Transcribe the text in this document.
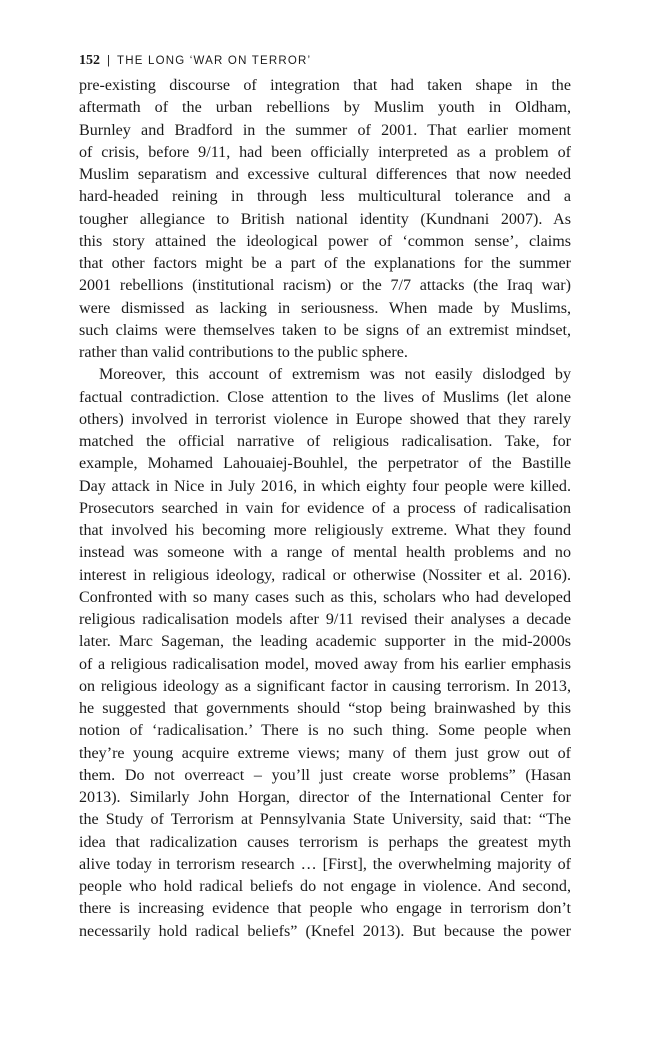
152 | THE LONG ‘WAR ON TERROR’
pre-existing discourse of integration that had taken shape in the
aftermath of the urban rebellions by Muslim youth in Oldham,
Burnley and Bradford in the summer of 2001. That earlier moment
of crisis, before 9/11, had been officially interpreted as a problem of
Muslim separatism and excessive cultural differences that now needed
hard-headed reining in through less multicultural tolerance and a
tougher allegiance to British national identity (Kundnani 2007). As
this story attained the ideological power of ‘common sense’, claims
that other factors might be a part of the explanations for the summer
2001 rebellions (institutional racism) or the 7/7 attacks (the Iraq war)
were dismissed as lacking in seriousness. When made by Muslims,
such claims were themselves taken to be signs of an extremist mindset,
rather than valid contributions to the public sphere.
Moreover, this account of extremism was not easily dislodged by
factual contradiction. Close attention to the lives of Muslims (let alone
others) involved in terrorist violence in Europe showed that they rarely
matched the official narrative of religious radicalisation. Take, for
example, Mohamed Lahouaiej-Bouhlel, the perpetrator of the Bastille
Day attack in Nice in July 2016, in which eighty four people were killed.
Prosecutors searched in vain for evidence of a process of radicalisation
that involved his becoming more religiously extreme. What they found
instead was someone with a range of mental health problems and no
interest in religious ideology, radical or otherwise (Nossiter et al. 2016).
Confronted with so many cases such as this, scholars who had developed
religious radicalisation models after 9/11 revised their analyses a decade
later. Marc Sageman, the leading academic supporter in the mid-2000s
of a religious radicalisation model, moved away from his earlier emphasis
on religious ideology as a significant factor in causing terrorism. In 2013,
he suggested that governments should “stop being brainwashed by this
notion of ‘radicalisation.’ There is no such thing. Some people when
they’re young acquire extreme views; many of them just grow out of
them. Do not overreact – you’ll just create worse problems” (Hasan
2013). Similarly John Horgan, director of the International Center for
the Study of Terrorism at Pennsylvania State University, said that: “The
idea that radicalization causes terrorism is perhaps the greatest myth
alive today in terrorism research … [First], the overwhelming majority of
people who hold radical beliefs do not engage in violence. And second,
there is increasing evidence that people who engage in terrorism don’t
necessarily hold radical beliefs” (Knefel 2013). But because the power
